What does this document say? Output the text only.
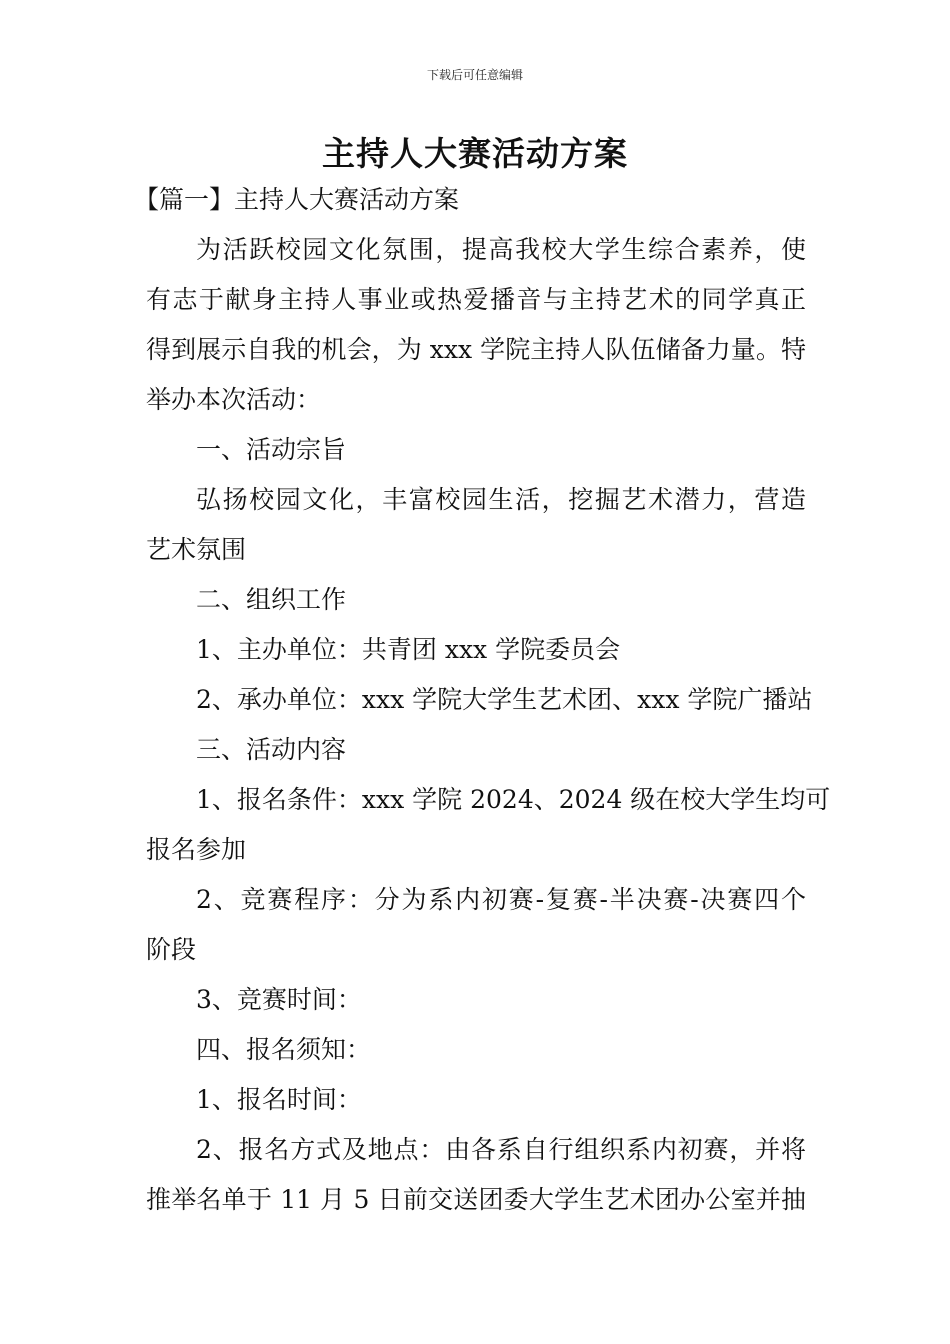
下载后可任意编辑
主持人大赛活动方案
【篇一】主持人大赛活动方案
为活跃校园文化氛围，提高我校大学生综合素养，使
有志于献身主持人事业或热爱播音与主持艺术的同学真正
得到展示自我的机会，为 xxx 学院主持人队伍储备力量。特
举办本次活动：
一、活动宗旨
弘扬校园文化，丰富校园生活，挖掘艺术潜力，营造
艺术氛围
二、组织工作
1、主办单位：共青团 xxx 学院委员会
2、承办单位：xxx 学院大学生艺术团、xxx 学院广播站
三、活动内容
1、报名条件：xxx 学院 2024、2024 级在校大学生均可
报名参加
2、竞赛程序：分为系内初赛-复赛-半决赛-决赛四个
阶段
3、竞赛时间：
四、报名须知：
1、报名时间：
2、报名方式及地点：由各系自行组织系内初赛，并将
推举名单于 11 月 5 日前交送团委大学生艺术团办公室并抽
